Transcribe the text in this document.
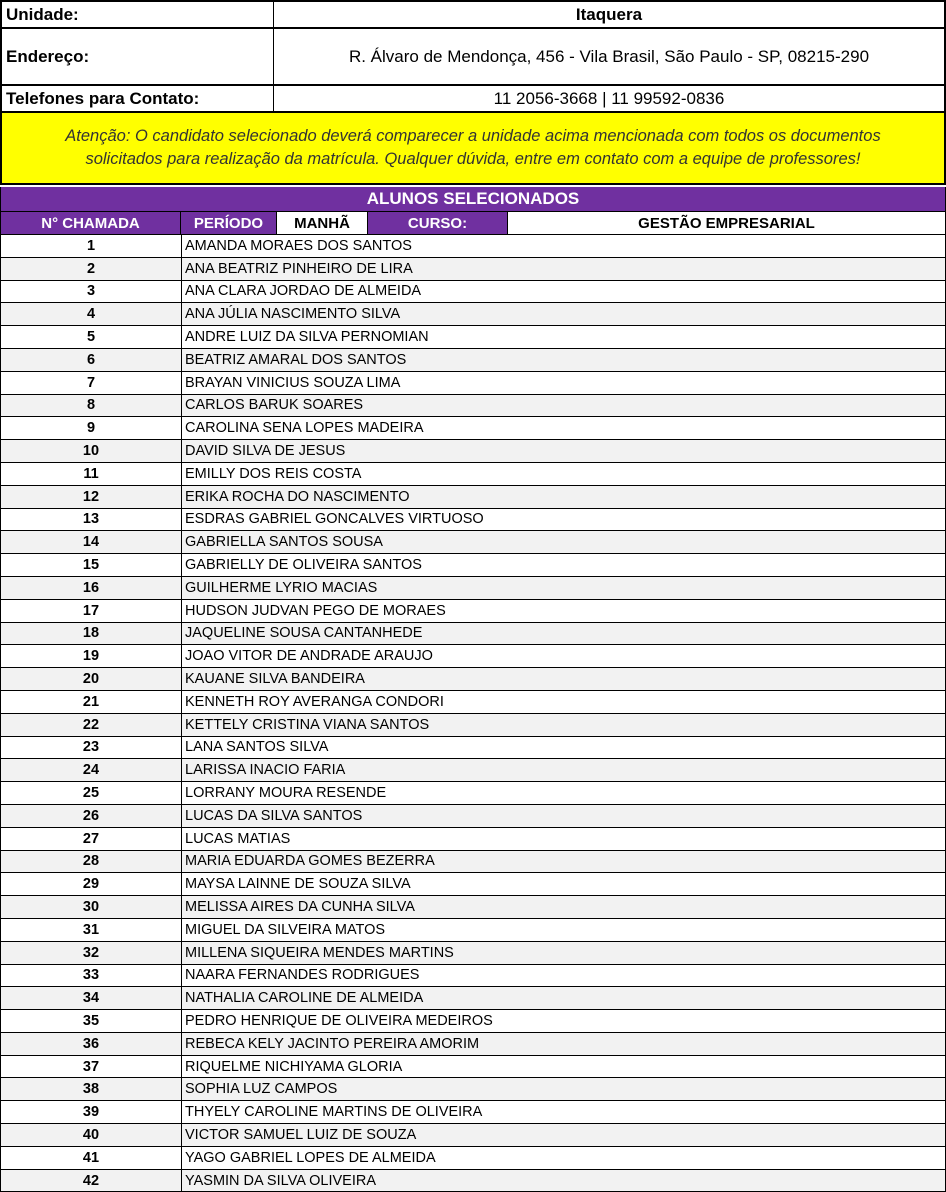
Unidade:	Itaquera
Endereço:	R. Álvaro de Mendonça, 456 - Vila Brasil, São Paulo - SP, 08215-290
Telefones para Contato:	11 2056-3668 | 11 99592-0836
Atenção: O candidato selecionado deverá comparecer a unidade acima mencionada com todos os documentos
solicitados para realização da matrícula. Qualquer dúvida, entre em contato com a equipe de professores!
ALUNOS SELECIONADOS
N° CHAMADA	PERÍODO	MANHÃ	CURSO:	GESTÃO EMPRESARIAL
1	AMANDA MORAES DOS SANTOS
2	ANA BEATRIZ PINHEIRO DE LIRA
3	ANA CLARA JORDAO DE ALMEIDA
4	ANA JÚLIA NASCIMENTO SILVA
5	ANDRE LUIZ DA SILVA PERNOMIAN
6	BEATRIZ AMARAL DOS SANTOS
7	BRAYAN VINICIUS SOUZA LIMA
8	CARLOS BARUK SOARES
9	CAROLINA SENA LOPES MADEIRA
10	DAVID SILVA DE JESUS
11	EMILLY DOS REIS COSTA
12	ERIKA ROCHA DO NASCIMENTO
13	ESDRAS GABRIEL GONCALVES VIRTUOSO
14	GABRIELLA SANTOS SOUSA
15	GABRIELLY DE OLIVEIRA SANTOS
16	GUILHERME LYRIO MACIAS
17	HUDSON JUDVAN PEGO DE MORAES
18	JAQUELINE SOUSA CANTANHEDE
19	JOAO VITOR DE ANDRADE ARAUJO
20	KAUANE SILVA BANDEIRA
21	KENNETH ROY AVERANGA CONDORI
22	KETTELY CRISTINA VIANA SANTOS
23	LANA SANTOS SILVA
24	LARISSA INACIO FARIA
25	LORRANY MOURA RESENDE
26	LUCAS DA SILVA SANTOS
27	LUCAS MATIAS
28	MARIA EDUARDA GOMES BEZERRA
29	MAYSA LAINNE DE SOUZA SILVA
30	MELISSA AIRES DA CUNHA SILVA
31	MIGUEL DA SILVEIRA MATOS
32	MILLENA SIQUEIRA MENDES MARTINS
33	NAARA FERNANDES RODRIGUES
34	NATHALIA CAROLINE DE ALMEIDA
35	PEDRO HENRIQUE DE OLIVEIRA MEDEIROS
36	REBECA KELY JACINTO PEREIRA AMORIM
37	RIQUELME NICHIYAMA GLORIA
38	SOPHIA LUZ CAMPOS
39	THYELY CAROLINE MARTINS DE OLIVEIRA
40	VICTOR SAMUEL LUIZ DE SOUZA
41	YAGO GABRIEL LOPES DE ALMEIDA
42	YASMIN DA SILVA OLIVEIRA
